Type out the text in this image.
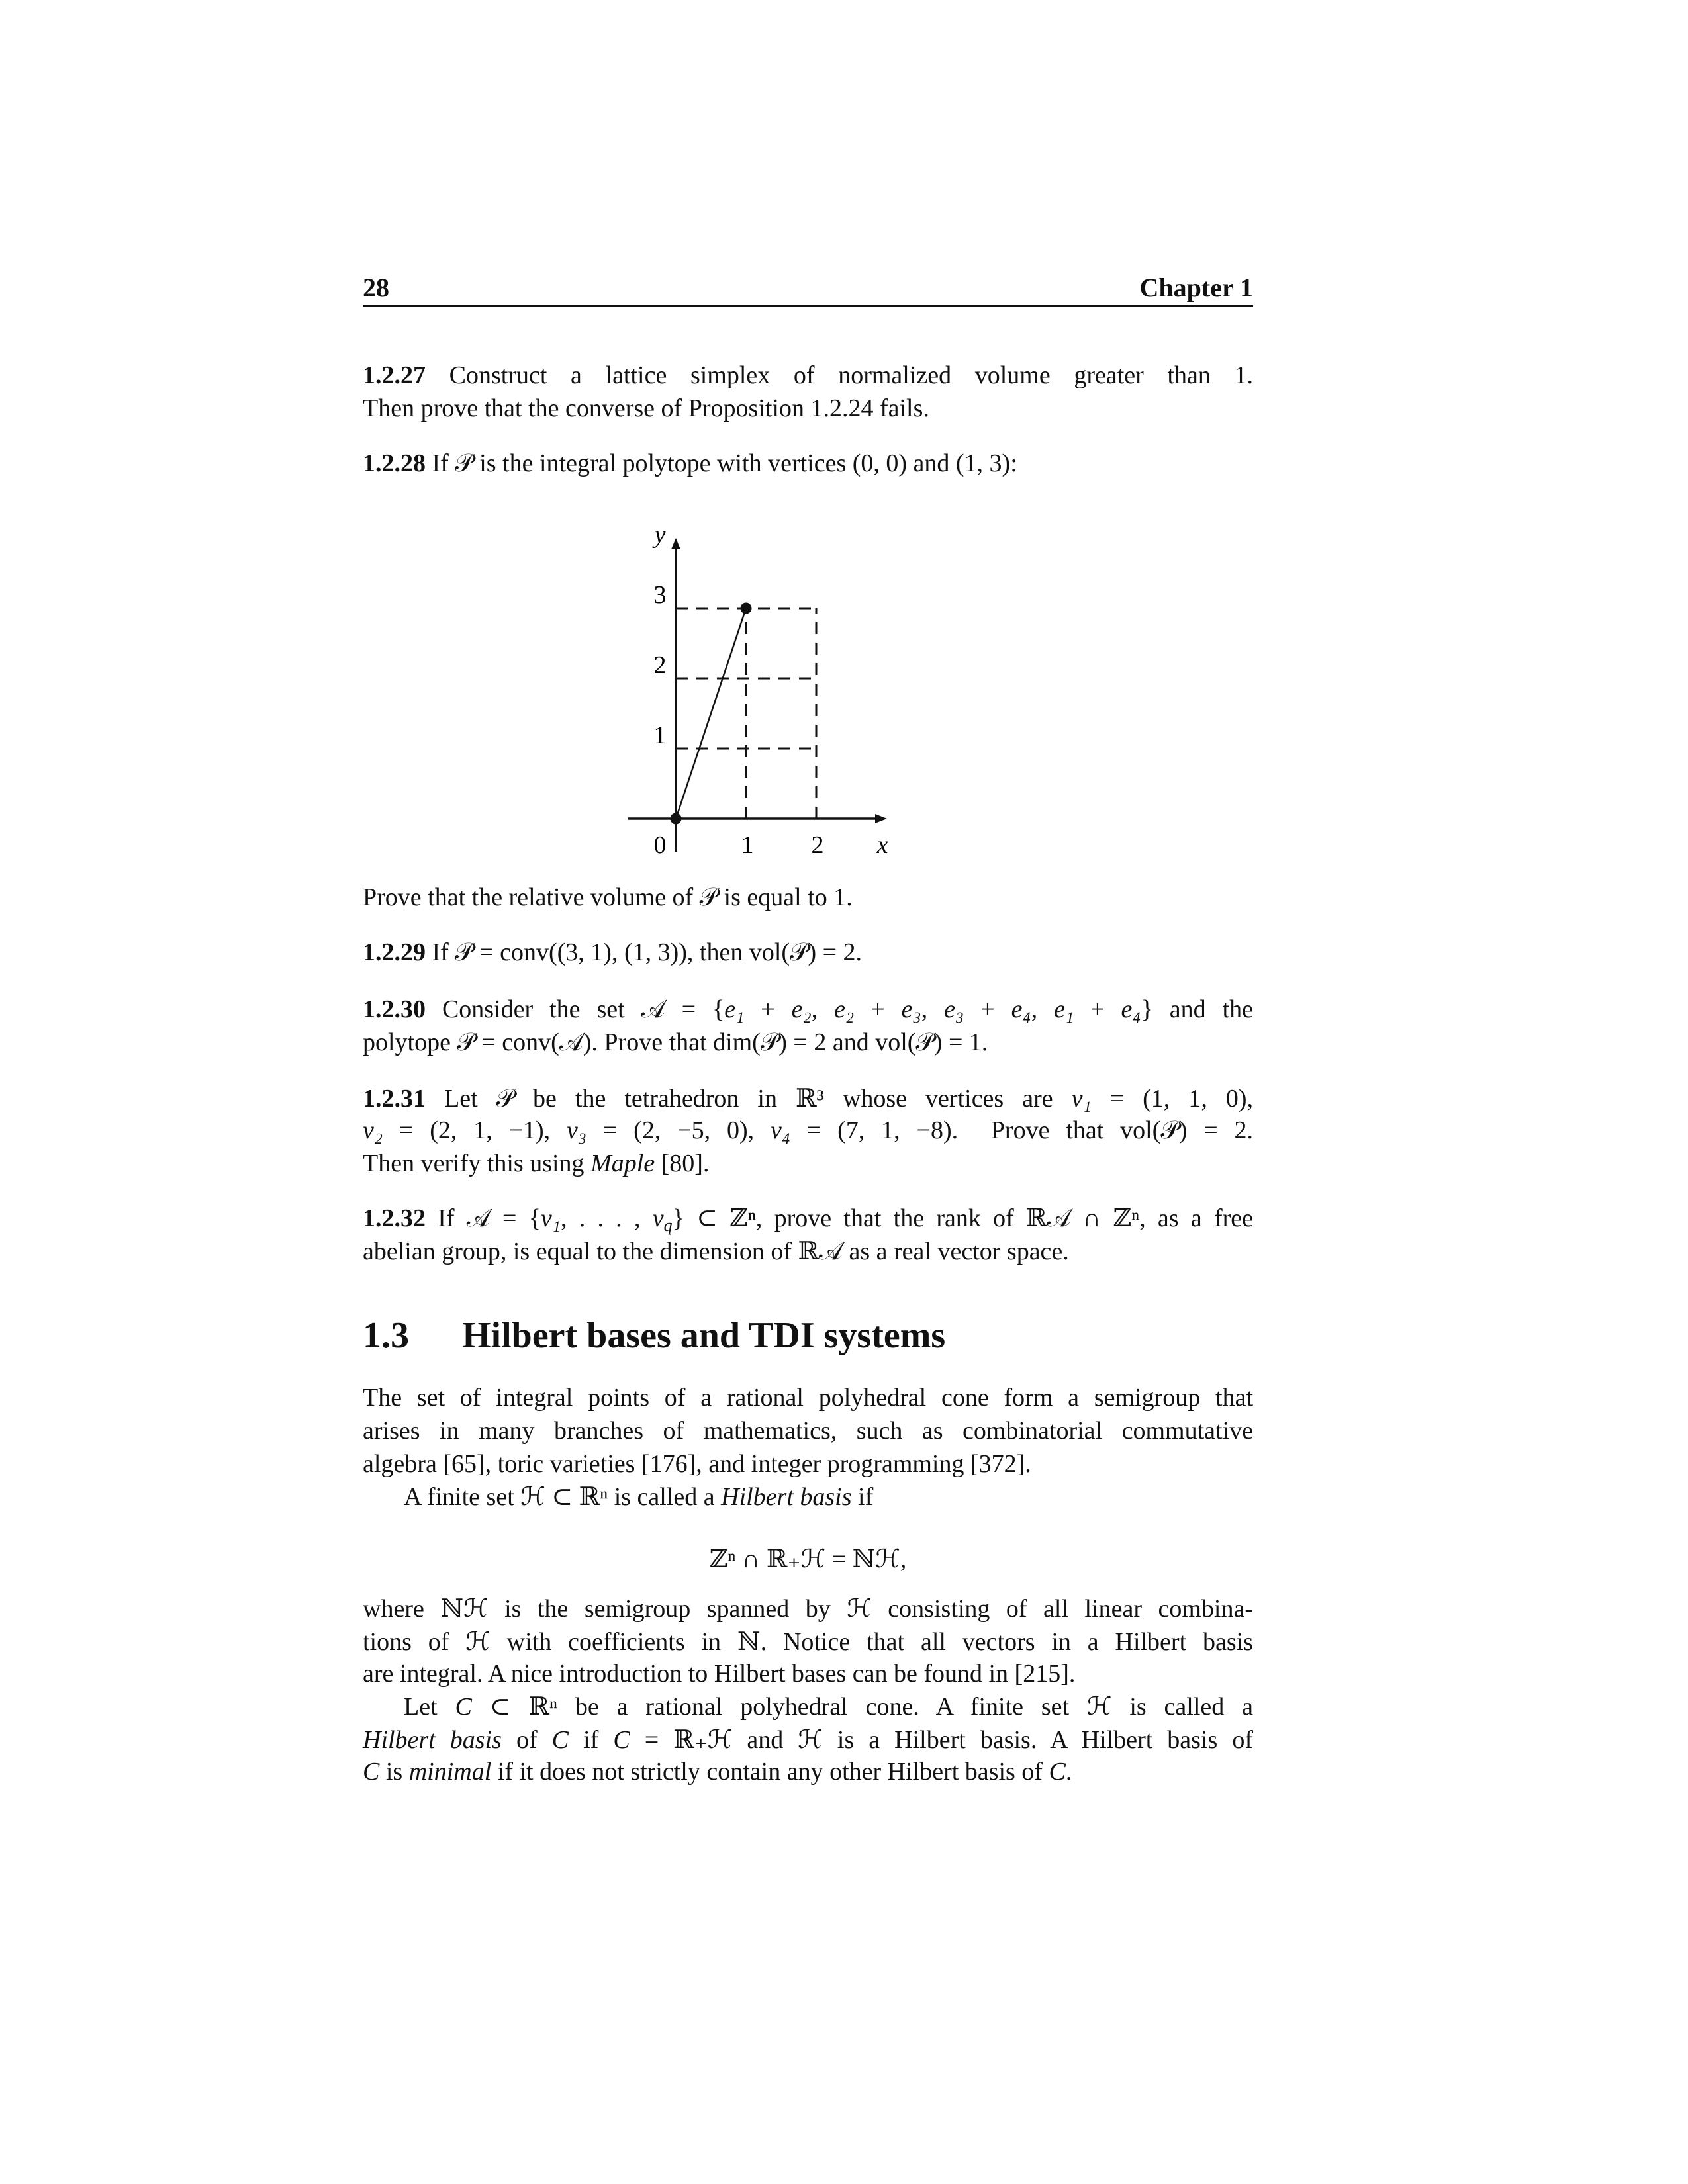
28	Chapter 1
1.2.27 Construct a lattice simplex of normalized volume greater than 1.
Then prove that the converse of Proposition 1.2.24 fails.
1.2.28 If 𝒫 is the integral polytope with vertices (0, 0) and (1, 3):
Prove that the relative volume of 𝒫 is equal to 1.
1.2.29 If 𝒫 = conv((3, 1), (1, 3)), then vol(𝒫) = 2.
1.2.30 Consider the set 𝒜 = {e₁ + e₂, e₂ + e₃, e₃ + e₄, e₁ + e₄} and the
polytope 𝒫 = conv(𝒜). Prove that dim(𝒫) = 2 and vol(𝒫) = 1.
1.2.31 Let 𝒫 be the tetrahedron in ℝ³ whose vertices are v₁ = (1, 1, 0),
v₂ = (2, 1, −1), v₃ = (2, −5, 0), v₄ = (7, 1, −8).  Prove that vol(𝒫) = 2.
Then verify this using Maple [80].
1.2.32 If 𝒜 = {v₁, . . . , $v_q$} ⊂ ℤⁿ, prove that the rank of ℝ𝒜 ∩ ℤⁿ, as a free
abelian group, is equal to the dimension of ℝ𝒜 as a real vector space.
The set of integral points of a rational polyhedral cone form a semigroup that
arises in many branches of mathematics, such as combinatorial commutative
algebra [65], toric varieties [176], and integer programming [372].
A finite set ℋ ⊂ ℝⁿ is called a Hilbert basis if
where ℕℋ is the semigroup spanned by ℋ consisting of all linear combina-
tions of ℋ with coefficients in ℕ. Notice that all vectors in a Hilbert basis
are integral. A nice introduction to Hilbert bases can be found in [215].
Let C ⊂ ℝⁿ be a rational polyhedral cone. A finite set ℋ is called a
Hilbert basis of C if C = ℝ₊ℋ and ℋ is a Hilbert basis. A Hilbert basis of
C is minimal if it does not strictly contain any other Hilbert basis of C.
0	1 2
1
2
3
x
y
1.3 Hilbert bases and TDI systems
ℤⁿ ∩ ℝ₊ℋ = ℕℋ,
